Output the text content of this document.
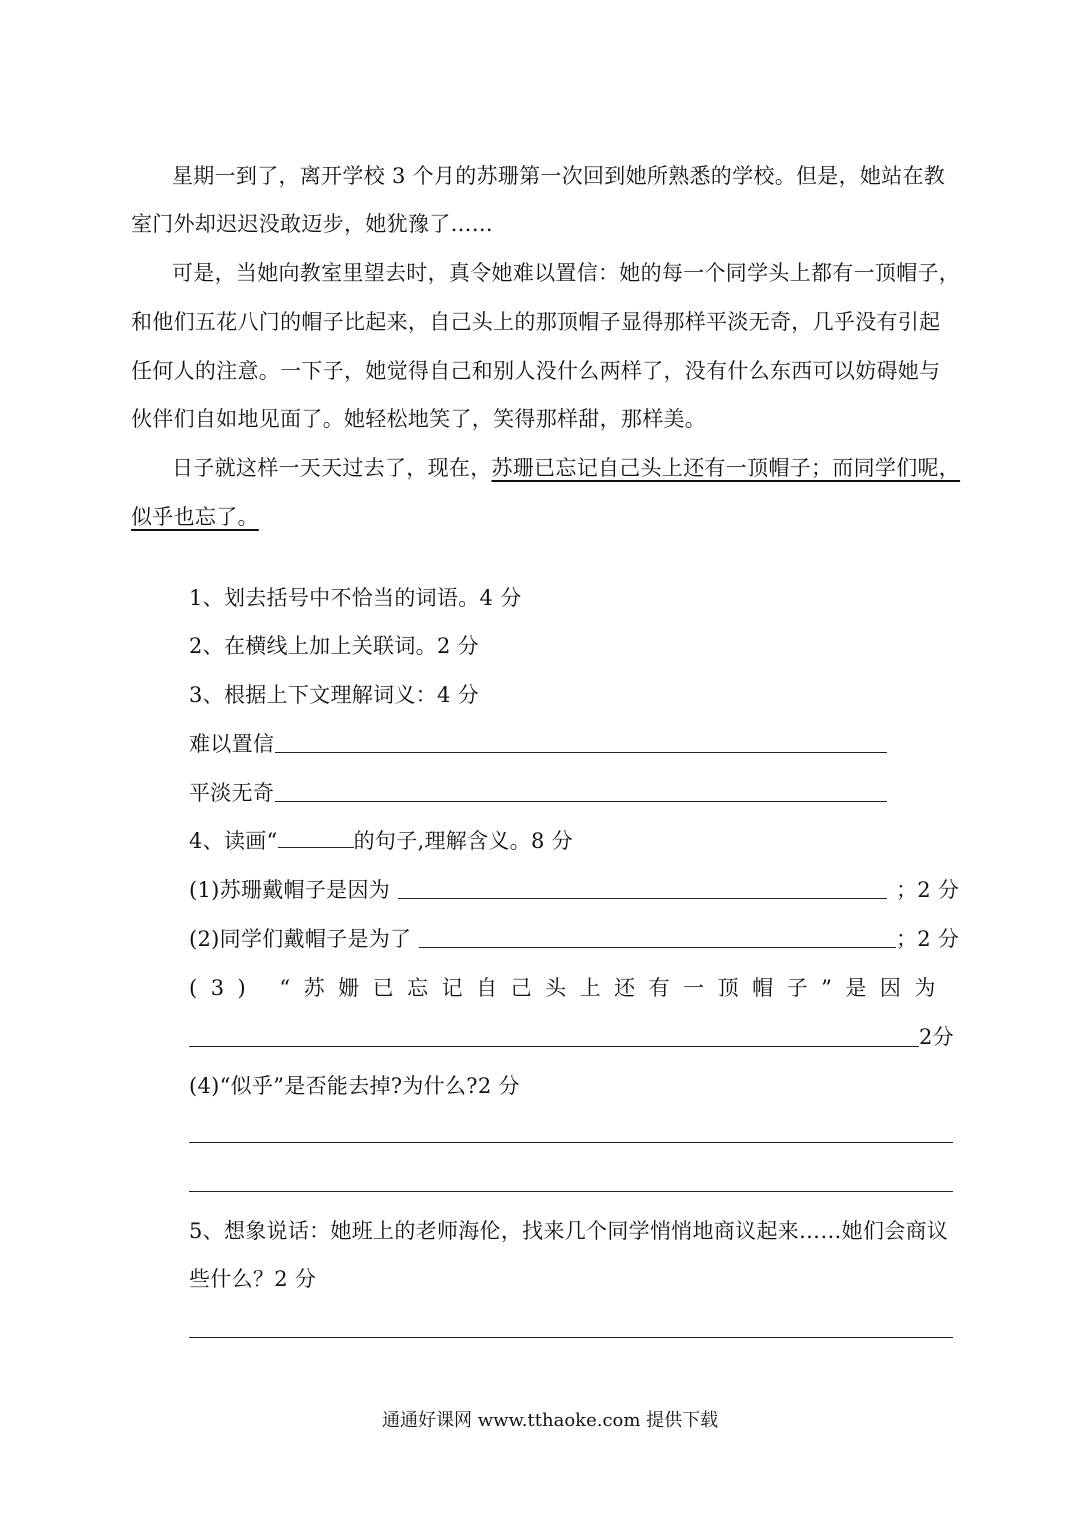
星期一到了，离开学校 3 个月的苏珊第一次回到她所熟悉的学校。但是，她站在教
室门外却迟迟没敢迈步，她犹豫了……
可是，当她向教室里望去时，真令她难以置信：她的每一个同学头上都有一顶帽子，
和他们五花八门的帽子比起来，自己头上的那顶帽子显得那样平淡无奇，几乎没有引起
任何人的注意。一下子，她觉得自己和别人没什么两样了，没有什么东西可以妨碍她与
伙伴们自如地见面了。她轻松地笑了，笑得那样甜，那样美。
日子就这样一天天过去了，现在，苏珊已忘记自己头上还有一顶帽子；而同学们呢，
似乎也忘了。
1、划去括号中不恰当的词语。4 分
2、在横线上加上关联词。2 分
3、根据上下文理解词义：4 分
难以置信
平淡无奇
4、读画“	的句子,理解含义。8 分
(1)苏珊戴帽子是因为	；2 分
(2)同学们戴帽子是为了	；2 分
(3) “苏姗已忘记自己头上还有一顶帽子”是因为
2分
(4)“似乎”是否能去掉?为什么?2 分
5、想象说话：她班上的老师海伦，找来几个同学悄悄地商议起来……她们会商议
些什么？2 分
通通好课网 www.tthaoke.com 提供下载
